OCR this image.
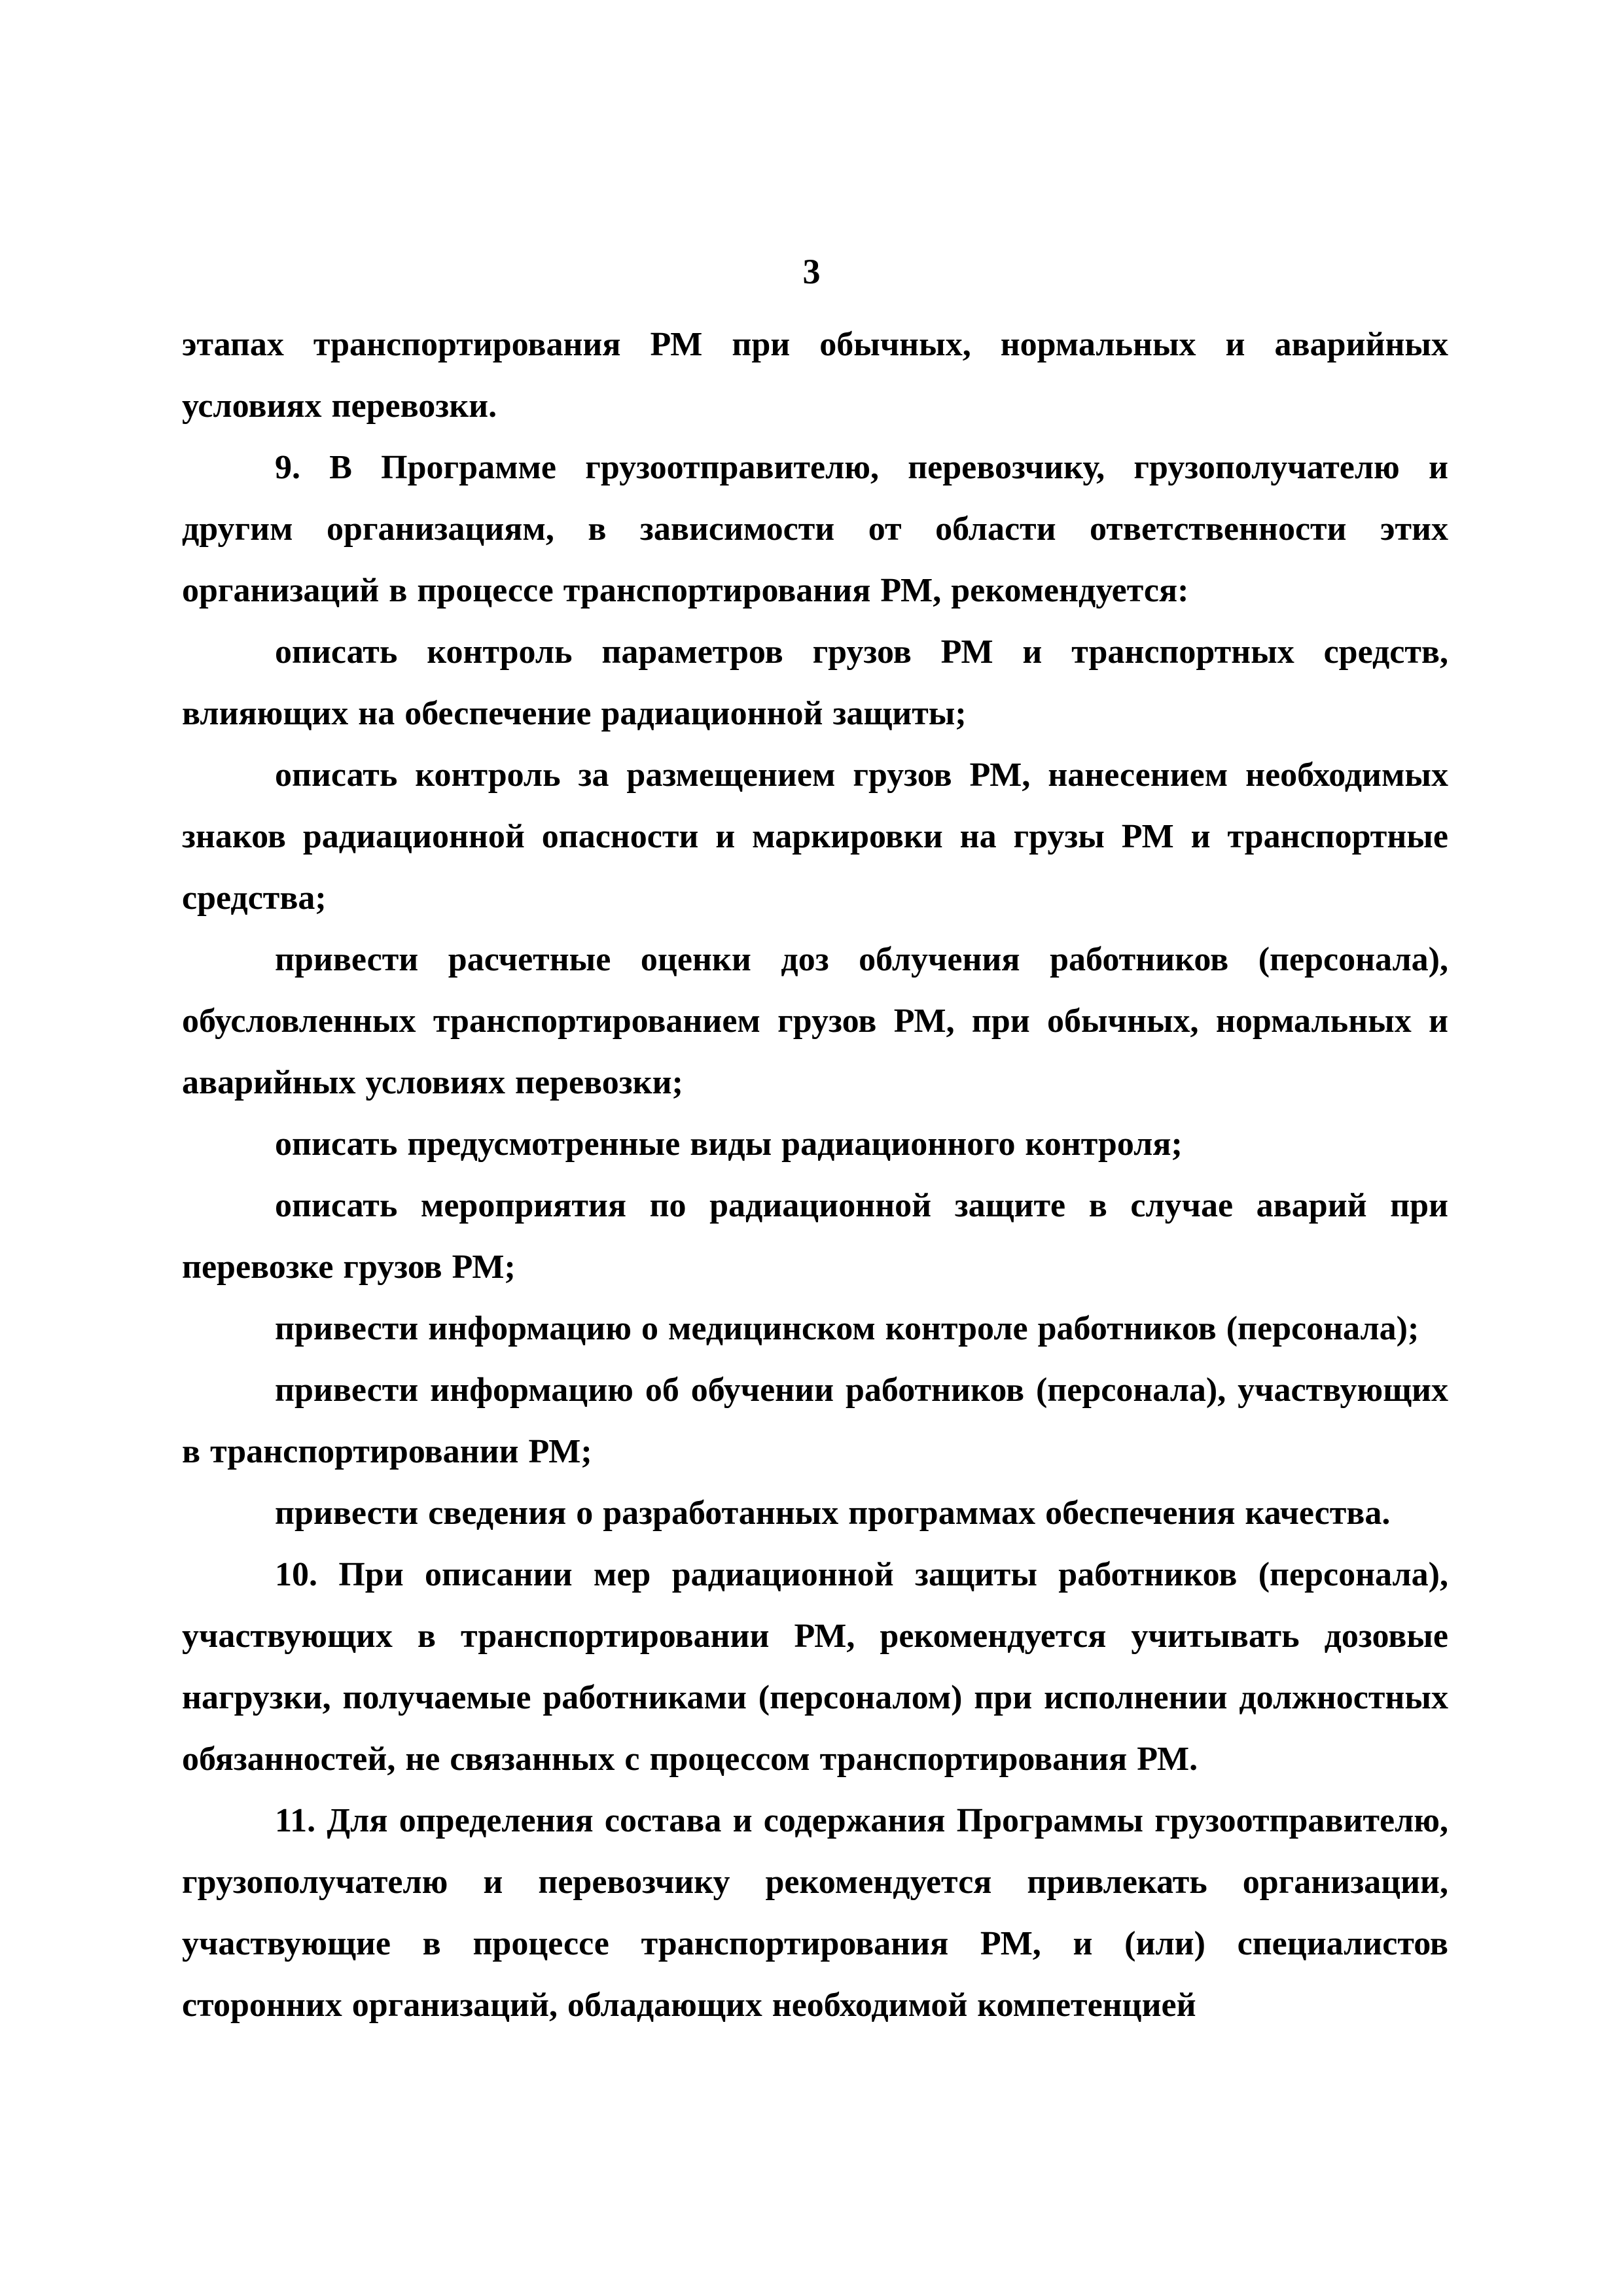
3

этапах транспортирования РМ при обычных, нормальных и аварийных условиях перевозки.

9. В Программе грузоотправителю, перевозчику, грузополучателю и другим организациям, в зависимости от области ответственности этих организаций в процессе транспортирования РМ, рекомендуется:

описать контроль параметров грузов РМ и транспортных средств, влияющих на обеспечение радиационной защиты;

описать контроль за размещением грузов РМ, нанесением необходимых знаков радиационной опасности и маркировки на грузы РМ и транспортные средства;

привести расчетные оценки доз облучения работников (персонала), обусловленных транспортированием грузов РМ, при обычных, нормальных и аварийных условиях перевозки;

описать предусмотренные виды радиационного контроля;

описать мероприятия по радиационной защите в случае аварий при перевозке грузов РМ;

привести информацию о медицинском контроле работников (персонала);

привести информацию об обучении работников (персонала), участвующих в транспортировании РМ;

привести сведения о разработанных программах обеспечения качества.

10. При описании мер радиационной защиты работников (персонала), участвующих в транспортировании РМ, рекомендуется учитывать дозовые нагрузки, получаемые работниками (персоналом) при исполнении должностных обязанностей, не связанных с процессом транспортирования РМ.

11. Для определения состава и содержания Программы грузоотправителю, грузополучателю и перевозчику рекомендуется привлекать организации, участвующие в процессе транспортирования РМ, и (или) специалистов сторонних организаций, обладающих необходимой компетенцией
